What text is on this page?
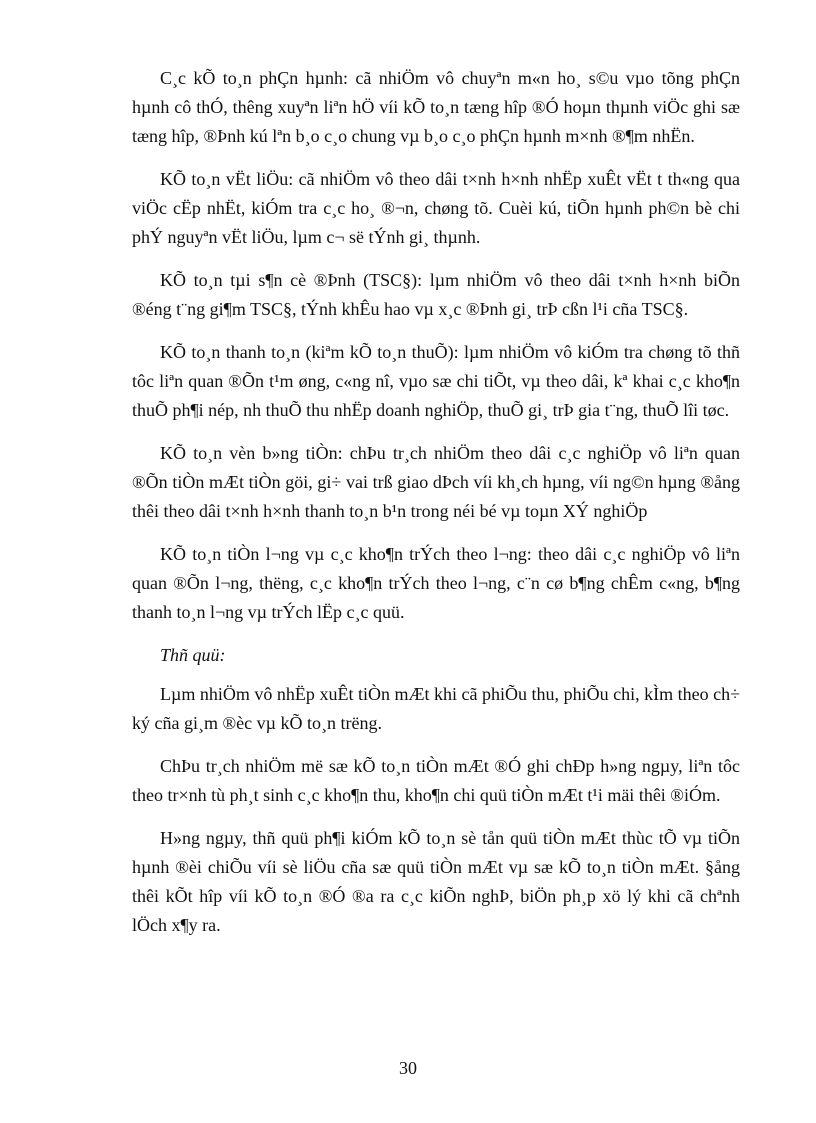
C¸c kÕ to¸n phÇn hµnh: cã nhiÖm vô chuyªn m«n ho¸ s©u vµo tõng phÇn hµnh cô thÓ, thêng xuyªn liªn hÖ víi kÕ to¸n tæng hîp ®Ó hoµn thµnh viÖc ghi sæ tæng hîp, ®Þnh kú lªn b¸o c¸o chung vµ b¸o c¸o phÇn hµnh m×nh ®¶m nhËn.

KÕ to¸n vËt liÖu: cã nhiÖm vô theo dâi t×nh h×nh nhËp xuÊt vËt t th«ng qua viÖc cËp nhËt, kiÓm tra c¸c ho¸ ®¬n, chøng tõ. Cuèi kú, tiÕn hµnh ph©n bè chi phÝ nguyªn vËt liÖu, lµm c¬ së tÝnh gi¸ thµnh.

KÕ to¸n tµi s¶n cè ®Þnh (TSC§): lµm nhiÖm vô theo dâi t×nh h×nh biÕn ®éng t¨ng gi¶m TSC§, tÝnh khÊu hao vµ x¸c ®Þnh gi¸ trÞ cßn l¹i cña TSC§.

KÕ to¸n thanh to¸n (kiªm kÕ to¸n thuÕ): lµm nhiÖm vô kiÓm tra chøng tõ thñ tôc liªn quan ®Õn t¹m øng, c«ng nî, vµo sæ chi tiÕt, vµ theo dâi, kª khai c¸c kho¶n thuÕ ph¶i nép, nh thuÕ thu nhËp doanh nghiÖp, thuÕ gi¸ trÞ gia t¨ng, thuÕ lîi tøc.

KÕ to¸n vèn b»ng tiÒn: chÞu tr¸ch nhiÖm theo dâi c¸c nghiÖp vô liªn quan ®Õn tiÒn mÆt tiÒn göi, gi÷ vai trß giao dÞch víi kh¸ch hµng, víi ng©n hµng ®ång thêi theo dâi t×nh h×nh thanh to¸n b¹n trong néi bé vµ toµn XÝ nghiÖp

KÕ to¸n tiÒn l¬ng vµ c¸c kho¶n trÝch theo l¬ng: theo dâi c¸c nghiÖp vô liªn quan ®Õn l¬ng, thëng, c¸c kho¶n trÝch theo l¬ng, c¨n cø b¶ng chÊm c«ng, b¶ng thanh to¸n l¬ng vµ trÝch lËp c¸c quü.

Thñ quü:

Lµm nhiÖm vô nhËp xuÊt tiÒn mÆt khi cã phiÕu thu, phiÕu chi, kÌm theo ch÷ ký cña gi¸m ®èc vµ kÕ to¸n trëng.

ChÞu tr¸ch nhiÖm më sæ kÕ to¸n tiÒn mÆt ®Ó ghi chÐp h»ng ngµy, liªn tôc theo tr×nh tù ph¸t sinh c¸c kho¶n thu, kho¶n chi quü tiÒn mÆt t¹i mäi thêi ®iÓm.

H»ng ngµy, thñ quü ph¶i kiÓm kÕ to¸n sè tån quü tiÒn mÆt thùc tÕ vµ tiÕn hµnh ®èi chiÕu víi sè liÖu cña sæ quü tiÒn mÆt vµ sæ kÕ to¸n tiÒn mÆt. §ång thêi kÕt hîp víi kÕ to¸n ®Ó ®a ra c¸c kiÕn nghÞ, biÖn ph¸p xö lý khi cã chªnh lÖch x¶y ra.

30
